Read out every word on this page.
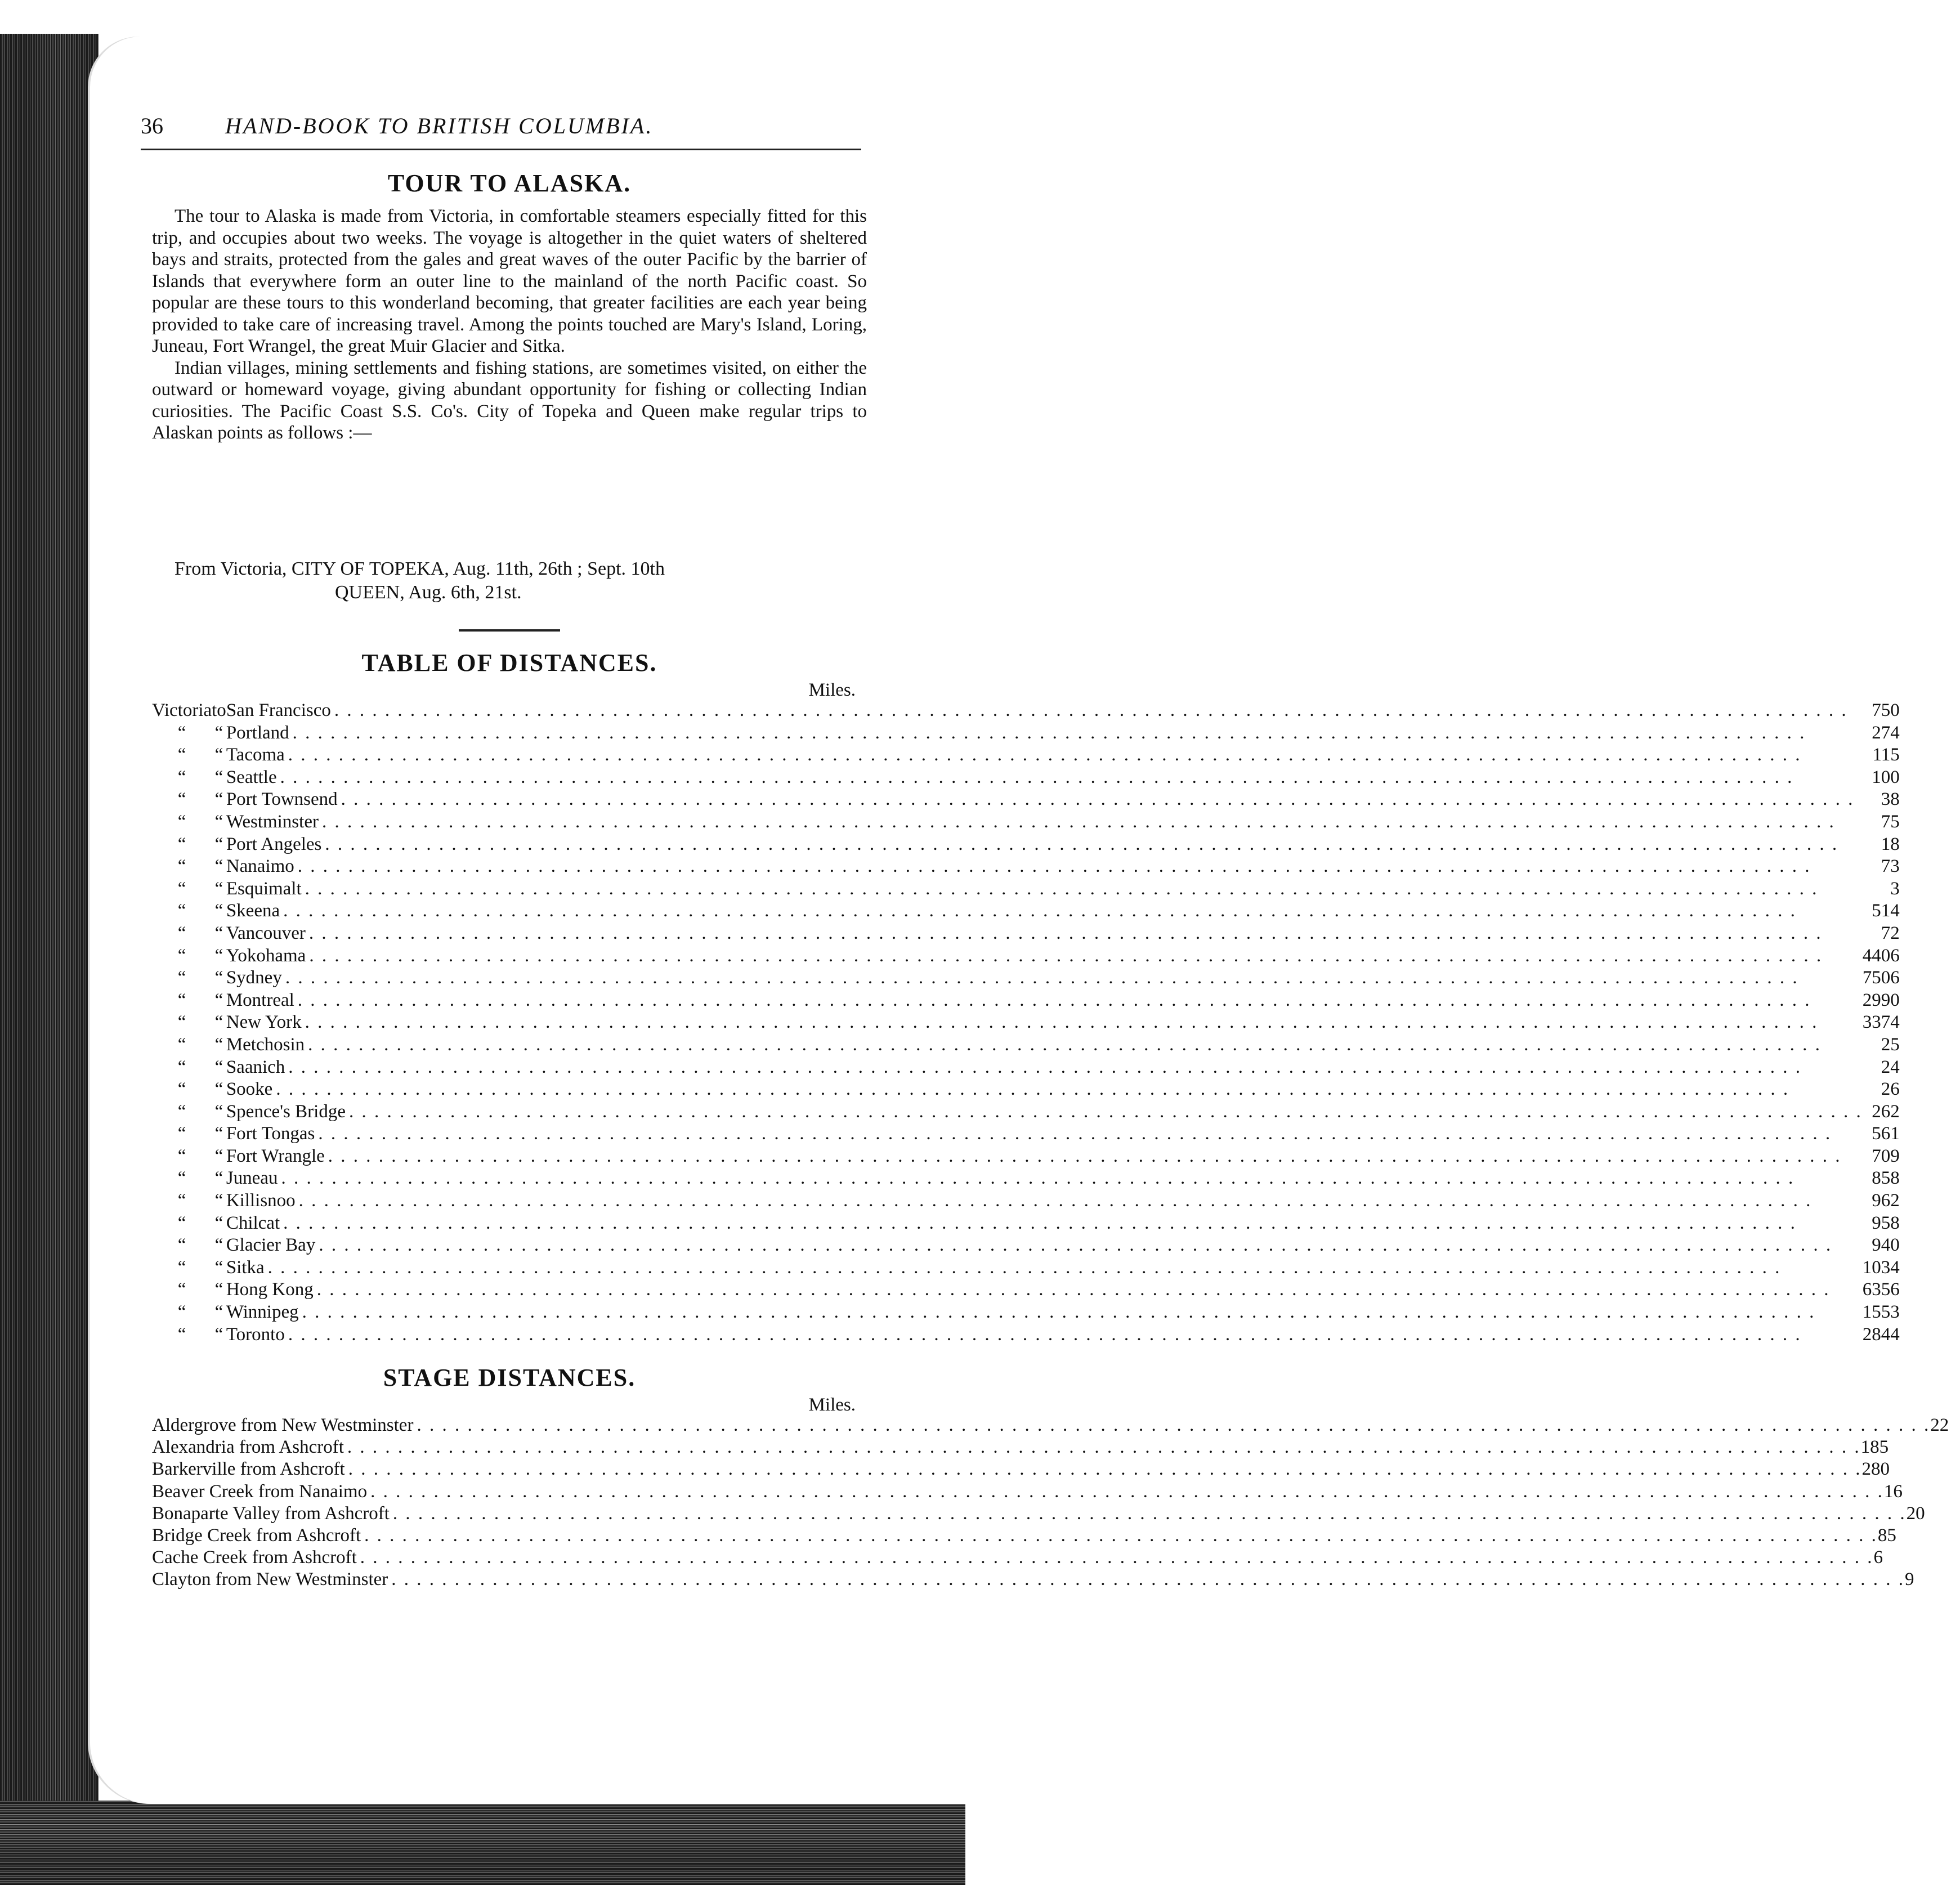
36	HAND-BOOK TO BRITISH COLUMBIA.
TOUR TO ALASKA.

The tour to Alaska is made from Victoria, in comfortable steamers especially fitted for this trip, and occupies about two weeks. The voyage is altogether in the quiet waters of sheltered bays and straits, protected from the gales and great waves of the outer Pacific by the barrier of Islands that everywhere form an outer line to the mainland of the north Pacific coast. So popular are these tours to this wonderland becoming, that greater facilities are each year being provided to take care of increasing travel. Among the points touched are Mary's Island, Loring, Juneau, Fort Wrangel, the great Muir Glacier and Sitka.

Indian villages, mining settlements and fishing stations, are sometimes visited, on either the outward or homeward voyage, giving abundant opportunity for fishing or collecting Indian curiosities. The Pacific Coast S.S. Co's. City of Topeka and Queen make regular trips to Alaskan points as follows :—

From Victoria, CITY OF TOPEKA, Aug. 11th, 26th ; Sept. 10th
QUEEN, Aug. 6th, 21st.
TABLE OF DISTANCES.
Miles.
Victoria	to	San Francisco . . . . . . . . . . . . . . . . . . . . . . . . . . . . . . . . . . . . . . . . . . . . . . . . . . . . . . . . . . . . . . . . . . . . . . . . . . . . . . . . . . . . . . . . . . . . . . . . . . . . . . . . . . . . . . . . . . . . . . . .	750
“	“	Portland . . . . . . . . . . . . . . . . . . . . . . . . . . . . . . . . . . . . . . . . . . . . . . . . . . . . . . . . . . . . . . . . . . . . . . . . . . . . . . . . . . . . . . . . . . . . . . . . . . . . . . . . . . . . . . . . . . . . . . . .	274
“	“	Tacoma . . . . . . . . . . . . . . . . . . . . . . . . . . . . . . . . . . . . . . . . . . . . . . . . . . . . . . . . . . . . . . . . . . . . . . . . . . . . . . . . . . . . . . . . . . . . . . . . . . . . . . . . . . . . . . . . . . . . . . . .	115
“	“	Seattle . . . . . . . . . . . . . . . . . . . . . . . . . . . . . . . . . . . . . . . . . . . . . . . . . . . . . . . . . . . . . . . . . . . . . . . . . . . . . . . . . . . . . . . . . . . . . . . . . . . . . . . . . . . . . . . . . . . . . . . .	100
“	“	Port Townsend . . . . . . . . . . . . . . . . . . . . . . . . . . . . . . . . . . . . . . . . . . . . . . . . . . . . . . . . . . . . . . . . . . . . . . . . . . . . . . . . . . . . . . . . . . . . . . . . . . . . . . . . . . . . . . . . . . . . . . . .	38
“	“	Westminster . . . . . . . . . . . . . . . . . . . . . . . . . . . . . . . . . . . . . . . . . . . . . . . . . . . . . . . . . . . . . . . . . . . . . . . . . . . . . . . . . . . . . . . . . . . . . . . . . . . . . . . . . . . . . . . . . . . . . . . .	75
“	“	Port Angeles . . . . . . . . . . . . . . . . . . . . . . . . . . . . . . . . . . . . . . . . . . . . . . . . . . . . . . . . . . . . . . . . . . . . . . . . . . . . . . . . . . . . . . . . . . . . . . . . . . . . . . . . . . . . . . . . . . . . . . . .	18
“	“	Nanaimo . . . . . . . . . . . . . . . . . . . . . . . . . . . . . . . . . . . . . . . . . . . . . . . . . . . . . . . . . . . . . . . . . . . . . . . . . . . . . . . . . . . . . . . . . . . . . . . . . . . . . . . . . . . . . . . . . . . . . . . .	73
“	“	Esquimalt . . . . . . . . . . . . . . . . . . . . . . . . . . . . . . . . . . . . . . . . . . . . . . . . . . . . . . . . . . . . . . . . . . . . . . . . . . . . . . . . . . . . . . . . . . . . . . . . . . . . . . . . . . . . . . . . . . . . . . . .	3
“	“	Skeena . . . . . . . . . . . . . . . . . . . . . . . . . . . . . . . . . . . . . . . . . . . . . . . . . . . . . . . . . . . . . . . . . . . . . . . . . . . . . . . . . . . . . . . . . . . . . . . . . . . . . . . . . . . . . . . . . . . . . . . .	514
“	“	Vancouver . . . . . . . . . . . . . . . . . . . . . . . . . . . . . . . . . . . . . . . . . . . . . . . . . . . . . . . . . . . . . . . . . . . . . . . . . . . . . . . . . . . . . . . . . . . . . . . . . . . . . . . . . . . . . . . . . . . . . . . .	72
“	“	Yokohama . . . . . . . . . . . . . . . . . . . . . . . . . . . . . . . . . . . . . . . . . . . . . . . . . . . . . . . . . . . . . . . . . . . . . . . . . . . . . . . . . . . . . . . . . . . . . . . . . . . . . . . . . . . . . . . . . . . . . . . .	4406
“	“	Sydney . . . . . . . . . . . . . . . . . . . . . . . . . . . . . . . . . . . . . . . . . . . . . . . . . . . . . . . . . . . . . . . . . . . . . . . . . . . . . . . . . . . . . . . . . . . . . . . . . . . . . . . . . . . . . . . . . . . . . . . .	7506
“	“	Montreal . . . . . . . . . . . . . . . . . . . . . . . . . . . . . . . . . . . . . . . . . . . . . . . . . . . . . . . . . . . . . . . . . . . . . . . . . . . . . . . . . . . . . . . . . . . . . . . . . . . . . . . . . . . . . . . . . . . . . . . .	2990
“	“	New York . . . . . . . . . . . . . . . . . . . . . . . . . . . . . . . . . . . . . . . . . . . . . . . . . . . . . . . . . . . . . . . . . . . . . . . . . . . . . . . . . . . . . . . . . . . . . . . . . . . . . . . . . . . . . . . . . . . . . . . .	3374
“	“	Metchosin . . . . . . . . . . . . . . . . . . . . . . . . . . . . . . . . . . . . . . . . . . . . . . . . . . . . . . . . . . . . . . . . . . . . . . . . . . . . . . . . . . . . . . . . . . . . . . . . . . . . . . . . . . . . . . . . . . . . . . . .	25
“	“	Saanich . . . . . . . . . . . . . . . . . . . . . . . . . . . . . . . . . . . . . . . . . . . . . . . . . . . . . . . . . . . . . . . . . . . . . . . . . . . . . . . . . . . . . . . . . . . . . . . . . . . . . . . . . . . . . . . . . . . . . . . .	24
“	“	Sooke . . . . . . . . . . . . . . . . . . . . . . . . . . . . . . . . . . . . . . . . . . . . . . . . . . . . . . . . . . . . . . . . . . . . . . . . . . . . . . . . . . . . . . . . . . . . . . . . . . . . . . . . . . . . . . . . . . . . . . . .	26
“	“	Spence's Bridge . . . . . . . . . . . . . . . . . . . . . . . . . . . . . . . . . . . . . . . . . . . . . . . . . . . . . . . . . . . . . . . . . . . . . . . . . . . . . . . . . . . . . . . . . . . . . . . . . . . . . . . . . . . . . . . . . . . . . . . .	262
“	“	Fort Tongas . . . . . . . . . . . . . . . . . . . . . . . . . . . . . . . . . . . . . . . . . . . . . . . . . . . . . . . . . . . . . . . . . . . . . . . . . . . . . . . . . . . . . . . . . . . . . . . . . . . . . . . . . . . . . . . . . . . . . . . .	561
“	“	Fort Wrangle . . . . . . . . . . . . . . . . . . . . . . . . . . . . . . . . . . . . . . . . . . . . . . . . . . . . . . . . . . . . . . . . . . . . . . . . . . . . . . . . . . . . . . . . . . . . . . . . . . . . . . . . . . . . . . . . . . . . . . . .	709
“	“	Juneau . . . . . . . . . . . . . . . . . . . . . . . . . . . . . . . . . . . . . . . . . . . . . . . . . . . . . . . . . . . . . . . . . . . . . . . . . . . . . . . . . . . . . . . . . . . . . . . . . . . . . . . . . . . . . . . . . . . . . . . .	858
“	“	Killisnoo . . . . . . . . . . . . . . . . . . . . . . . . . . . . . . . . . . . . . . . . . . . . . . . . . . . . . . . . . . . . . . . . . . . . . . . . . . . . . . . . . . . . . . . . . . . . . . . . . . . . . . . . . . . . . . . . . . . . . . . .	962
“	“	Chilcat . . . . . . . . . . . . . . . . . . . . . . . . . . . . . . . . . . . . . . . . . . . . . . . . . . . . . . . . . . . . . . . . . . . . . . . . . . . . . . . . . . . . . . . . . . . . . . . . . . . . . . . . . . . . . . . . . . . . . . . .	958
“	“	Glacier Bay . . . . . . . . . . . . . . . . . . . . . . . . . . . . . . . . . . . . . . . . . . . . . . . . . . . . . . . . . . . . . . . . . . . . . . . . . . . . . . . . . . . . . . . . . . . . . . . . . . . . . . . . . . . . . . . . . . . . . . . .	940
“	“	Sitka . . . . . . . . . . . . . . . . . . . . . . . . . . . . . . . . . . . . . . . . . . . . . . . . . . . . . . . . . . . . . . . . . . . . . . . . . . . . . . . . . . . . . . . . . . . . . . . . . . . . . . . . . . . . . . . . . . . . . . . .	1034
“	“	Hong Kong . . . . . . . . . . . . . . . . . . . . . . . . . . . . . . . . . . . . . . . . . . . . . . . . . . . . . . . . . . . . . . . . . . . . . . . . . . . . . . . . . . . . . . . . . . . . . . . . . . . . . . . . . . . . . . . . . . . . . . . .	6356
“	“	Winnipeg . . . . . . . . . . . . . . . . . . . . . . . . . . . . . . . . . . . . . . . . . . . . . . . . . . . . . . . . . . . . . . . . . . . . . . . . . . . . . . . . . . . . . . . . . . . . . . . . . . . . . . . . . . . . . . . . . . . . . . . .	1553
“	“	Toronto . . . . . . . . . . . . . . . . . . . . . . . . . . . . . . . . . . . . . . . . . . . . . . . . . . . . . . . . . . . . . . . . . . . . . . . . . . . . . . . . . . . . . . . . . . . . . . . . . . . . . . . . . . . . . . . . . . . . . . . .	2844
STAGE DISTANCES.
Miles.
Aldergrove from New Westminster . . . . . . . . . . . . . . . . . . . . . . . . . . . . . . . . . . . . . . . . . . . . . . . . . . . . . . . . . . . . . . . . . . . . . . . . . . . . . . . . . . . . . . . . . . . . . . . . . . . . . . . . . . . . . . . . . . . . . . . . 22
Alexandria from Ashcroft . . . . . . . . . . . . . . . . . . . . . . . . . . . . . . . . . . . . . . . . . . . . . . . . . . . . . . . . . . . . . . . . . . . . . . . . . . . . . . . . . . . . . . . . . . . . . . . . . . . . . . . . . . . . . . . . . . . . . . . . 185
Barkerville from Ashcroft . . . . . . . . . . . . . . . . . . . . . . . . . . . . . . . . . . . . . . . . . . . . . . . . . . . . . . . . . . . . . . . . . . . . . . . . . . . . . . . . . . . . . . . . . . . . . . . . . . . . . . . . . . . . . . . . . . . . . . . . 280
Beaver Creek from Nanaimo . . . . . . . . . . . . . . . . . . . . . . . . . . . . . . . . . . . . . . . . . . . . . . . . . . . . . . . . . . . . . . . . . . . . . . . . . . . . . . . . . . . . . . . . . . . . . . . . . . . . . . . . . . . . . . . . . . . . . . . . 16
Bonaparte Valley from Ashcroft . . . . . . . . . . . . . . . . . . . . . . . . . . . . . . . . . . . . . . . . . . . . . . . . . . . . . . . . . . . . . . . . . . . . . . . . . . . . . . . . . . . . . . . . . . . . . . . . . . . . . . . . . . . . . . . . . . . . . . . . 20
Bridge Creek from Ashcroft . . . . . . . . . . . . . . . . . . . . . . . . . . . . . . . . . . . . . . . . . . . . . . . . . . . . . . . . . . . . . . . . . . . . . . . . . . . . . . . . . . . . . . . . . . . . . . . . . . . . . . . . . . . . . . . . . . . . . . . . 85
Cache Creek from Ashcroft . . . . . . . . . . . . . . . . . . . . . . . . . . . . . . . . . . . . . . . . . . . . . . . . . . . . . . . . . . . . . . . . . . . . . . . . . . . . . . . . . . . . . . . . . . . . . . . . . . . . . . . . . . . . . . . . . . . . . . . . 6
Clayton from New Westminster . . . . . . . . . . . . . . . . . . . . . . . . . . . . . . . . . . . . . . . . . . . . . . . . . . . . . . . . . . . . . . . . . . . . . . . . . . . . . . . . . . . . . . . . . . . . . . . . . . . . . . . . . . . . . . . . . . . . . . . . 9
